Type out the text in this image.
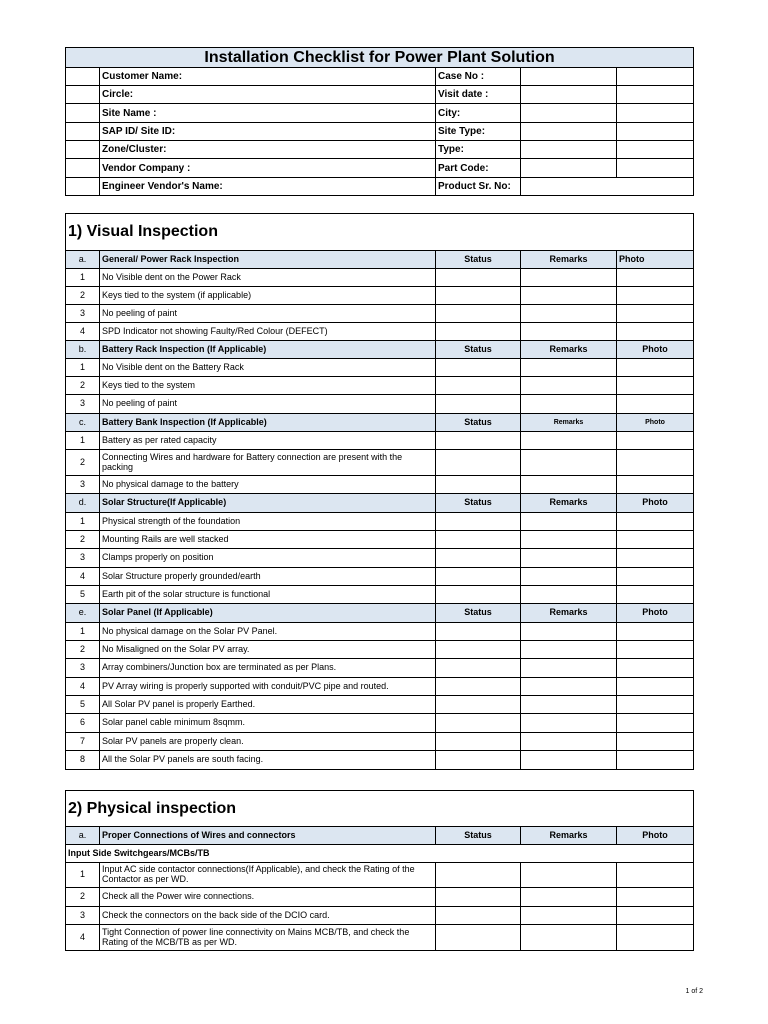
Installation Checklist for Power Plant Solution				
	Customer Name:	Case No :		
	Circle:	Visit date :		
	Site Name :	City:		
	SAP ID/ Site ID:	Site Type:		
	Zone/Cluster:	Type:		
	Vendor Company :	Part Code:		
	Engineer Vendor's Name:	Product Sr. No:		
1) Visual Inspection				
a.	General/ Power Rack Inspection	Status	Remarks	Photo
1	No Visible dent on the Power Rack			
2	Keys tied to the system (if applicable)			
3	No peeling of paint			
4	SPD Indicator not showing Faulty/Red Colour (DEFECT)			
b.	Battery Rack Inspection (If Applicable)	Status	Remarks	Photo
1	No Visible dent on the Battery Rack			
2	Keys tied to the system			
3	No peeling of paint			
c.	Battery Bank Inspection (If Applicable)	Status	Remarks	Photo
1	Battery as per rated capacity			
2	Connecting Wires and hardware for Battery connection are present with the packing			
3	No physical damage to the battery			
d.	Solar Structure(If Applicable)	Status	Remarks	Photo
1	Physical strength of the foundation			
2	Mounting Rails are well stacked			
3	Clamps properly on position			
4	Solar Structure properly grounded/earth			
5	Earth pit of the solar structure is functional			
e.	Solar Panel (If Applicable)	Status	Remarks	Photo
1	No physical damage on the Solar PV Panel.			
2	No Misaligned on the Solar PV array.			
3	Array combiners/Junction box are terminated as per Plans.			
4	PV Array wiring is properly supported with conduit/PVC pipe and routed.			
5	All Solar PV panel is properly Earthed.			
6	Solar panel cable minimum 8sqmm.			
7	Solar PV panels are properly clean.			
8	All the Solar PV panels are south facing.			
2) Physical inspection				
a.	Proper Connections of Wires and connectors	Status	Remarks	Photo
Input Side Switchgears/MCBs/TB				
1	Input AC side contactor connections(If Applicable), and check the Rating of the Contactor as per WD.			
2	Check all the Power wire connections.			
3	Check the connectors on the back side of the DCIO card.			
4	Tight Connection of power line connectivity on Mains MCB/TB, and check the Rating of the MCB/TB as per WD.			
1 of 2
